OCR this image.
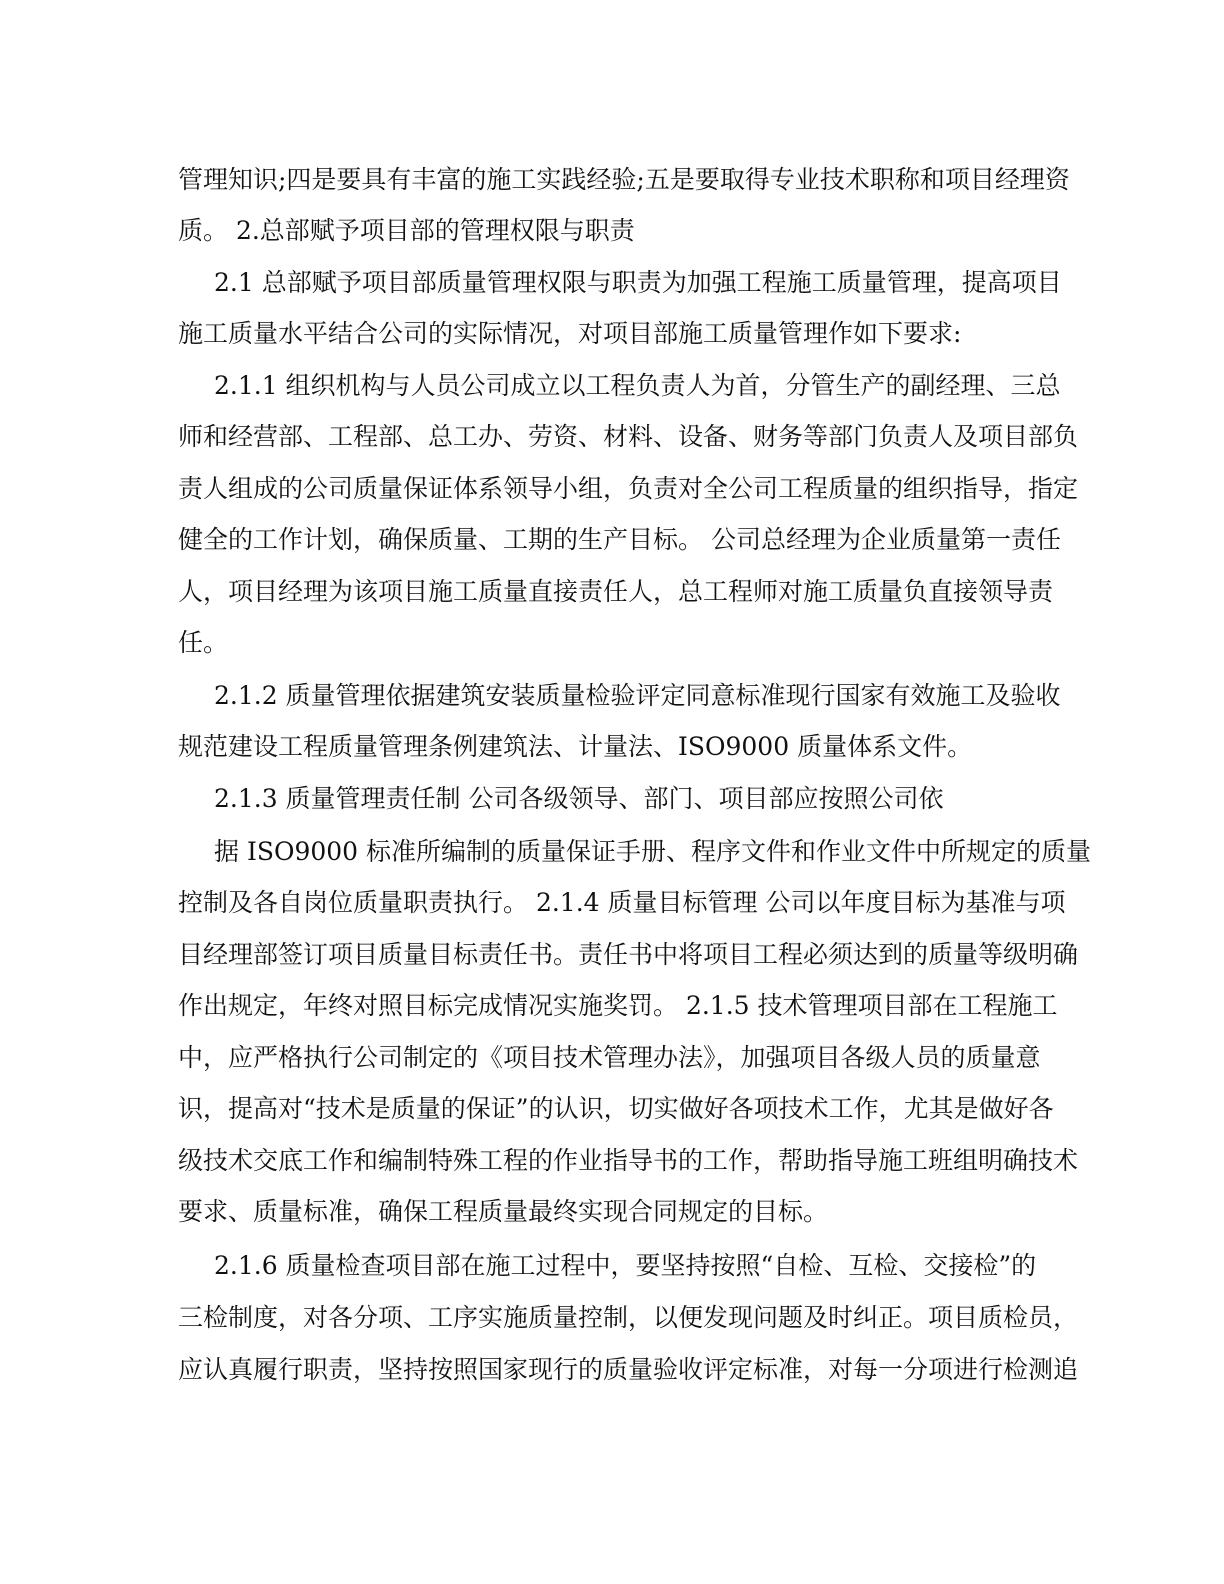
管理知识;四是要具有丰富的施工实践经验;五是要取得专业技术职称和项目经理资
质。 2.总部赋予项目部的管理权限与职责
2.1 总部赋予项目部质量管理权限与职责为加强工程施工质量管理，提高项目
施工质量水平结合公司的实际情况，对项目部施工质量管理作如下要求:
2.1.1 组织机构与人员公司成立以工程负责人为首，分管生产的副经理、三总
师和经营部、工程部、总工办、劳资、材料、设备、财务等部门负责人及项目部负
责人组成的公司质量保证体系领导小组，负责对全公司工程质量的组织指导，指定
健全的工作计划，确保质量、工期的生产目标。 公司总经理为企业质量第一责任
人，项目经理为该项目施工质量直接责任人，总工程师对施工质量负直接领导责
任。
2.1.2 质量管理依据建筑安装质量检验评定同意标准现行国家有效施工及验收
规范建设工程质量管理条例建筑法、计量法、ISO9000 质量体系文件。
2.1.3 质量管理责任制 公司各级领导、部门、项目部应按照公司依
据 ISO9000 标准所编制的质量保证手册、程序文件和作业文件中所规定的质量
控制及各自岗位质量职责执行。 2.1.4 质量目标管理 公司以年度目标为基准与项
目经理部签订项目质量目标责任书。责任书中将项目工程必须达到的质量等级明确
作出规定，年终对照目标完成情况实施奖罚。 2.1.5 技术管理项目部在工程施工
中，应严格执行公司制定的《项目技术管理办法》，加强项目各级人员的质量意
识，提高对“技术是质量的保证”的认识，切实做好各项技术工作，尤其是做好各
级技术交底工作和编制特殊工程的作业指导书的工作，帮助指导施工班组明确技术
要求、质量标准，确保工程质量最终实现合同规定的目标。
2.1.6 质量检查项目部在施工过程中，要坚持按照“自检、互检、交接检”的
三检制度，对各分项、工序实施质量控制，以便发现问题及时纠正。项目质检员，
应认真履行职责，坚持按照国家现行的质量验收评定标准，对每一分项进行检测追
